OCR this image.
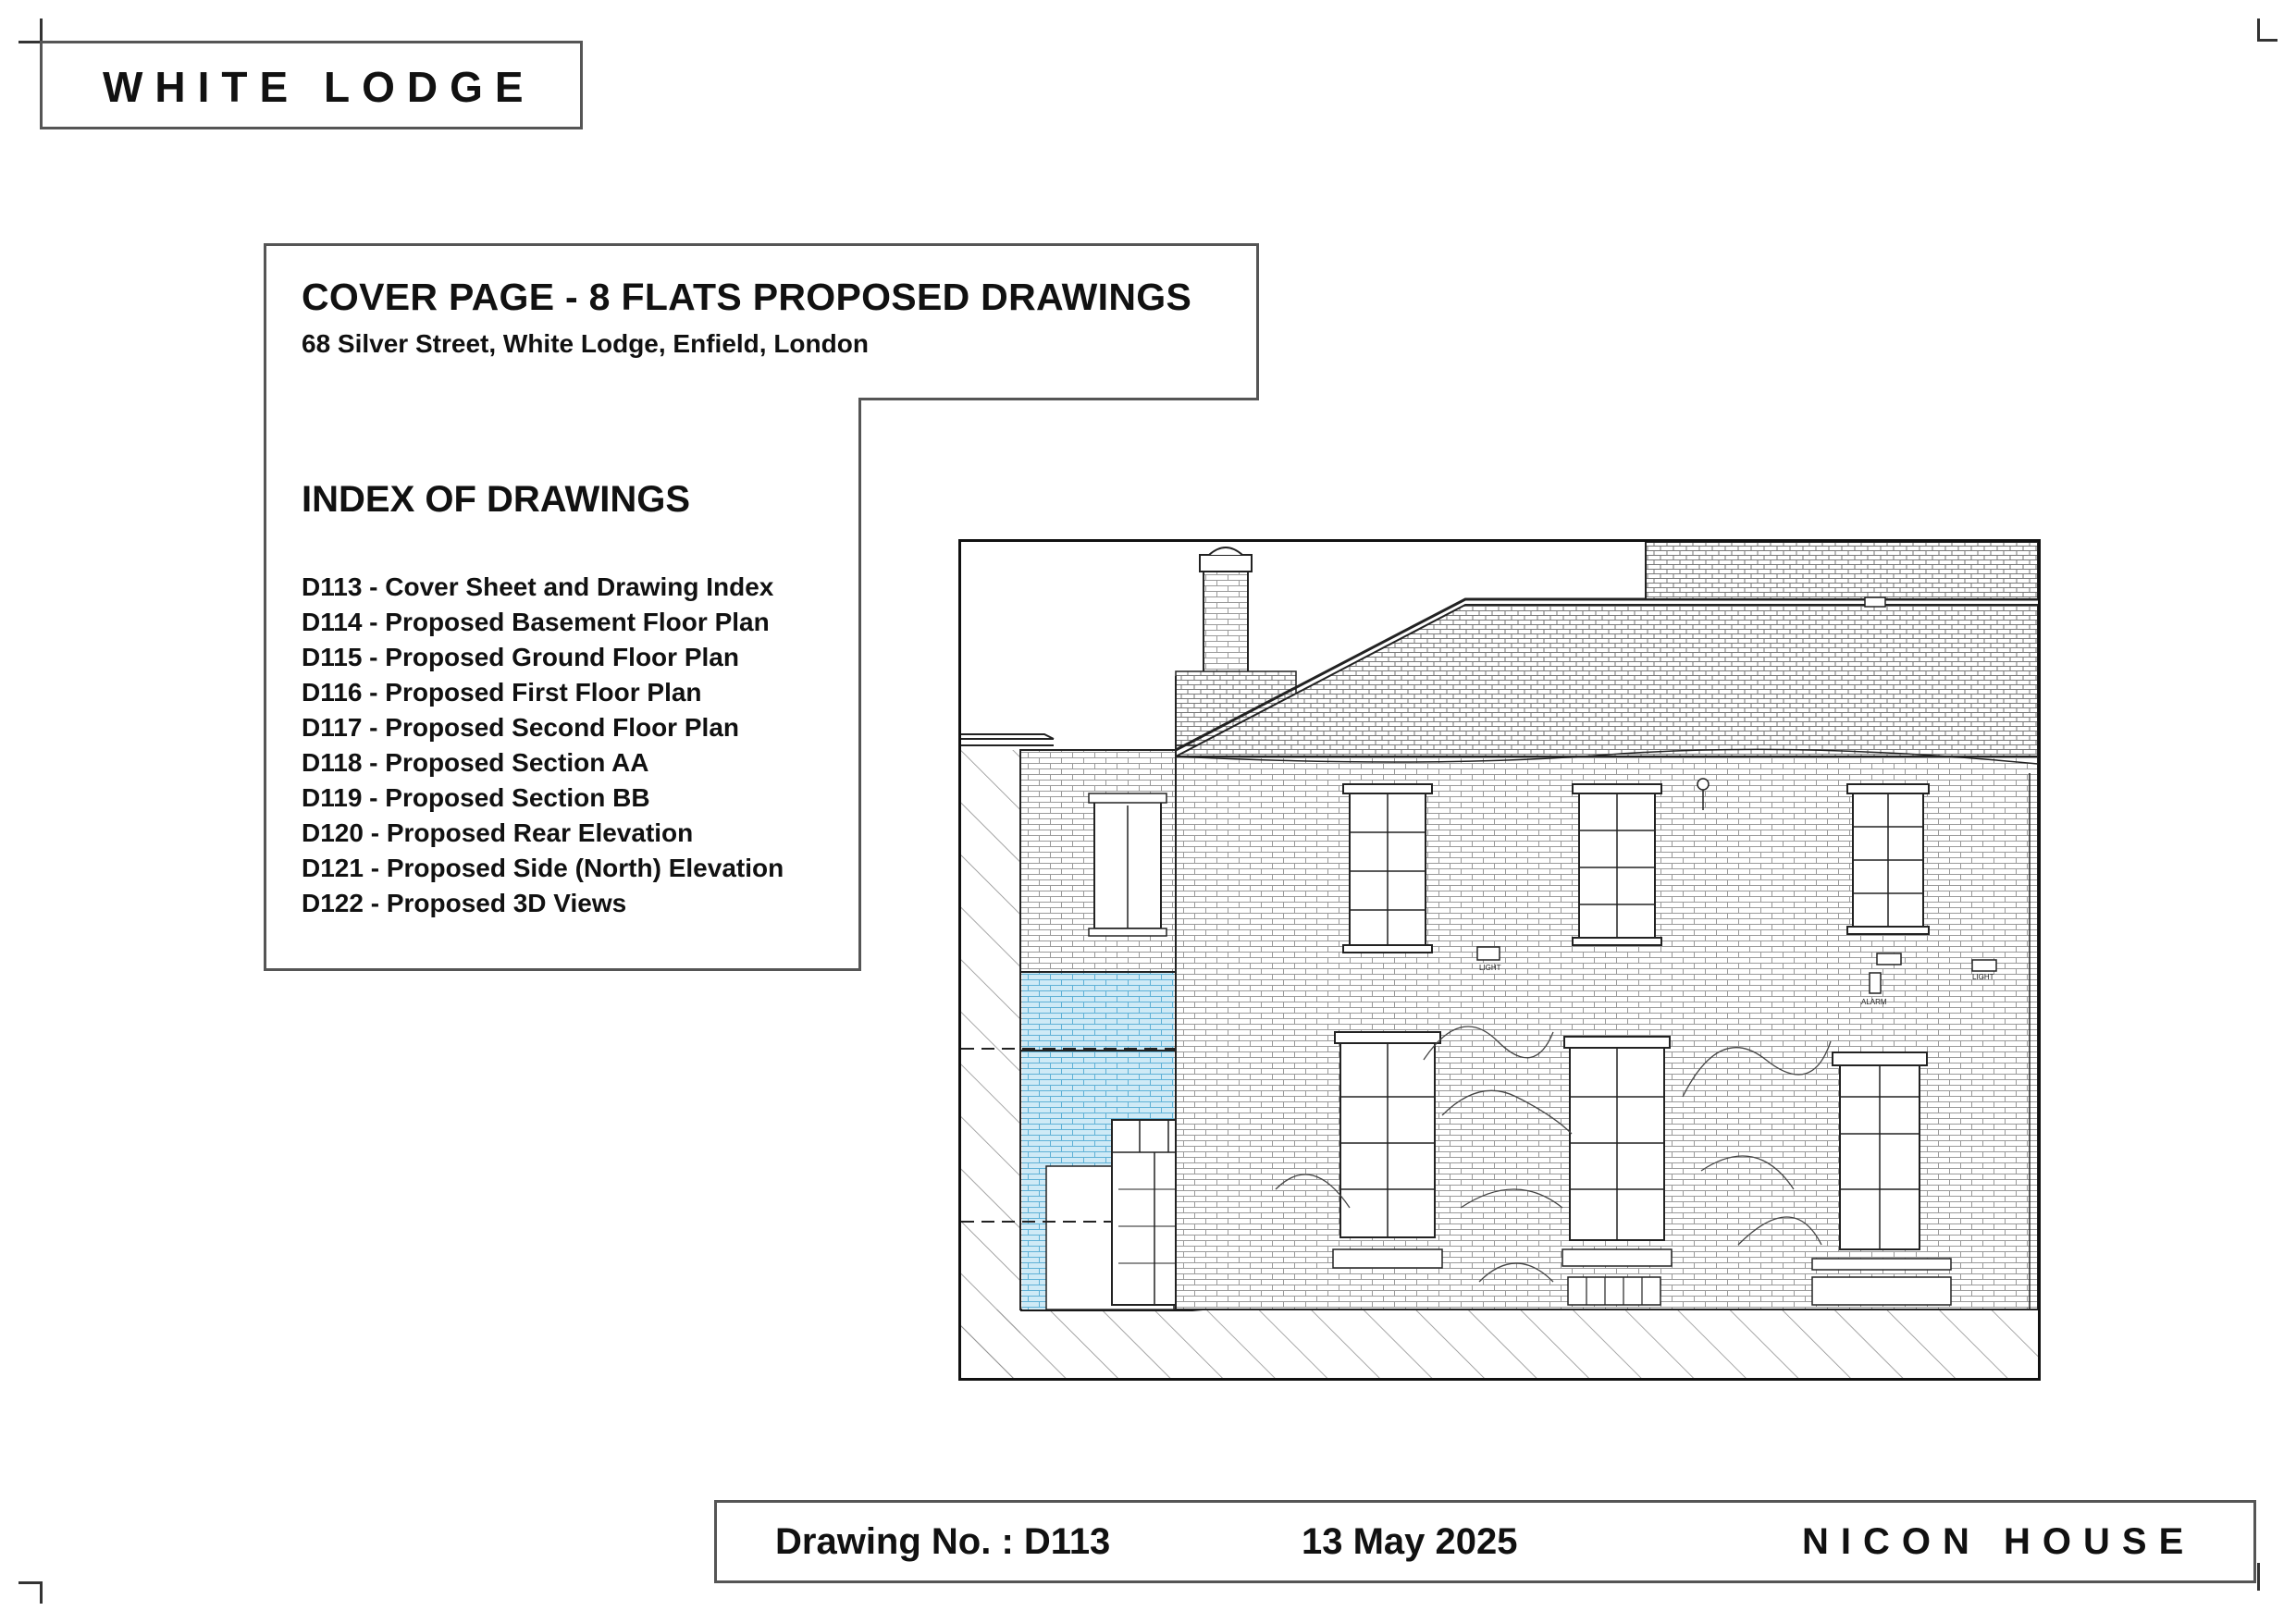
WHITE LODGE
COVER PAGE - 8 FLATS PROPOSED DRAWINGS
68 Silver Street, White Lodge, Enfield, London
INDEX OF DRAWINGS
D113 - Cover Sheet and Drawing Index
D114 - Proposed Basement Floor Plan
D115 - Proposed Ground Floor Plan
D116 - Proposed First Floor Plan
D117 - Proposed Second Floor Plan
D118 - Proposed Section AA
D119 - Proposed Section BB
D120 - Proposed Rear Elevation
D121 - Proposed Side (North) Elevation
D122 - Proposed 3D Views
LIGHT
ALARM
LIGHT
Drawing No. : D113	13 May 2025	NICON HOUSE
